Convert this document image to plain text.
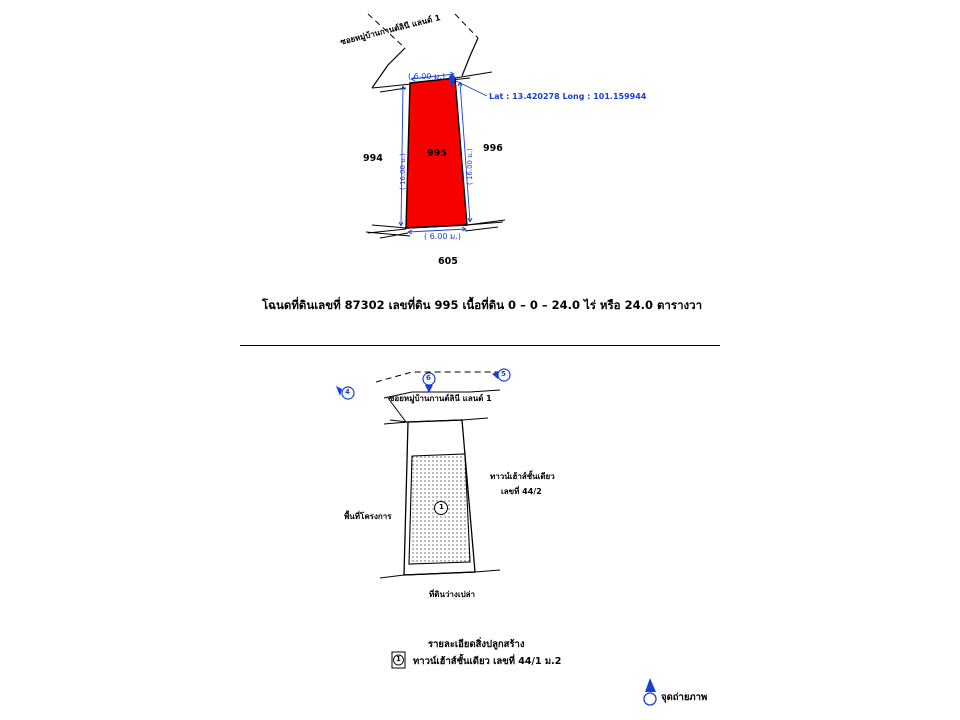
( 6.00 ม.)
( 6.00 ม.)
( 16.00 ม.)	( 16.00 ม.)
995
994
996
605
ซอยหมู่บ้านกานต์ลินี แลนด์ 1
Lat : 13.420278 Long : 101.159944
โฉนดที่ดินเลขที่ 87302 เลขที่ดิน 995 เนื้อที่ดิน 0 – 0 – 24.0 ไร่ หรือ 24.0 ตารางวา
4
6	5
ซอยหมู่บ้านกานต์ลินี แลนด์ 1
1
พื้นที่โครงการ
ทาวน์เฮ้าส์ชั้นเดียว
เลขที่ 44/2
ที่ดินว่างเปล่า
รายละเอียดสิ่งปลูกสร้าง
1 ทาวน์เฮ้าส์ชั้นเดียว เลขที่ 44/1 ม.2
จุดถ่ายภาพ
